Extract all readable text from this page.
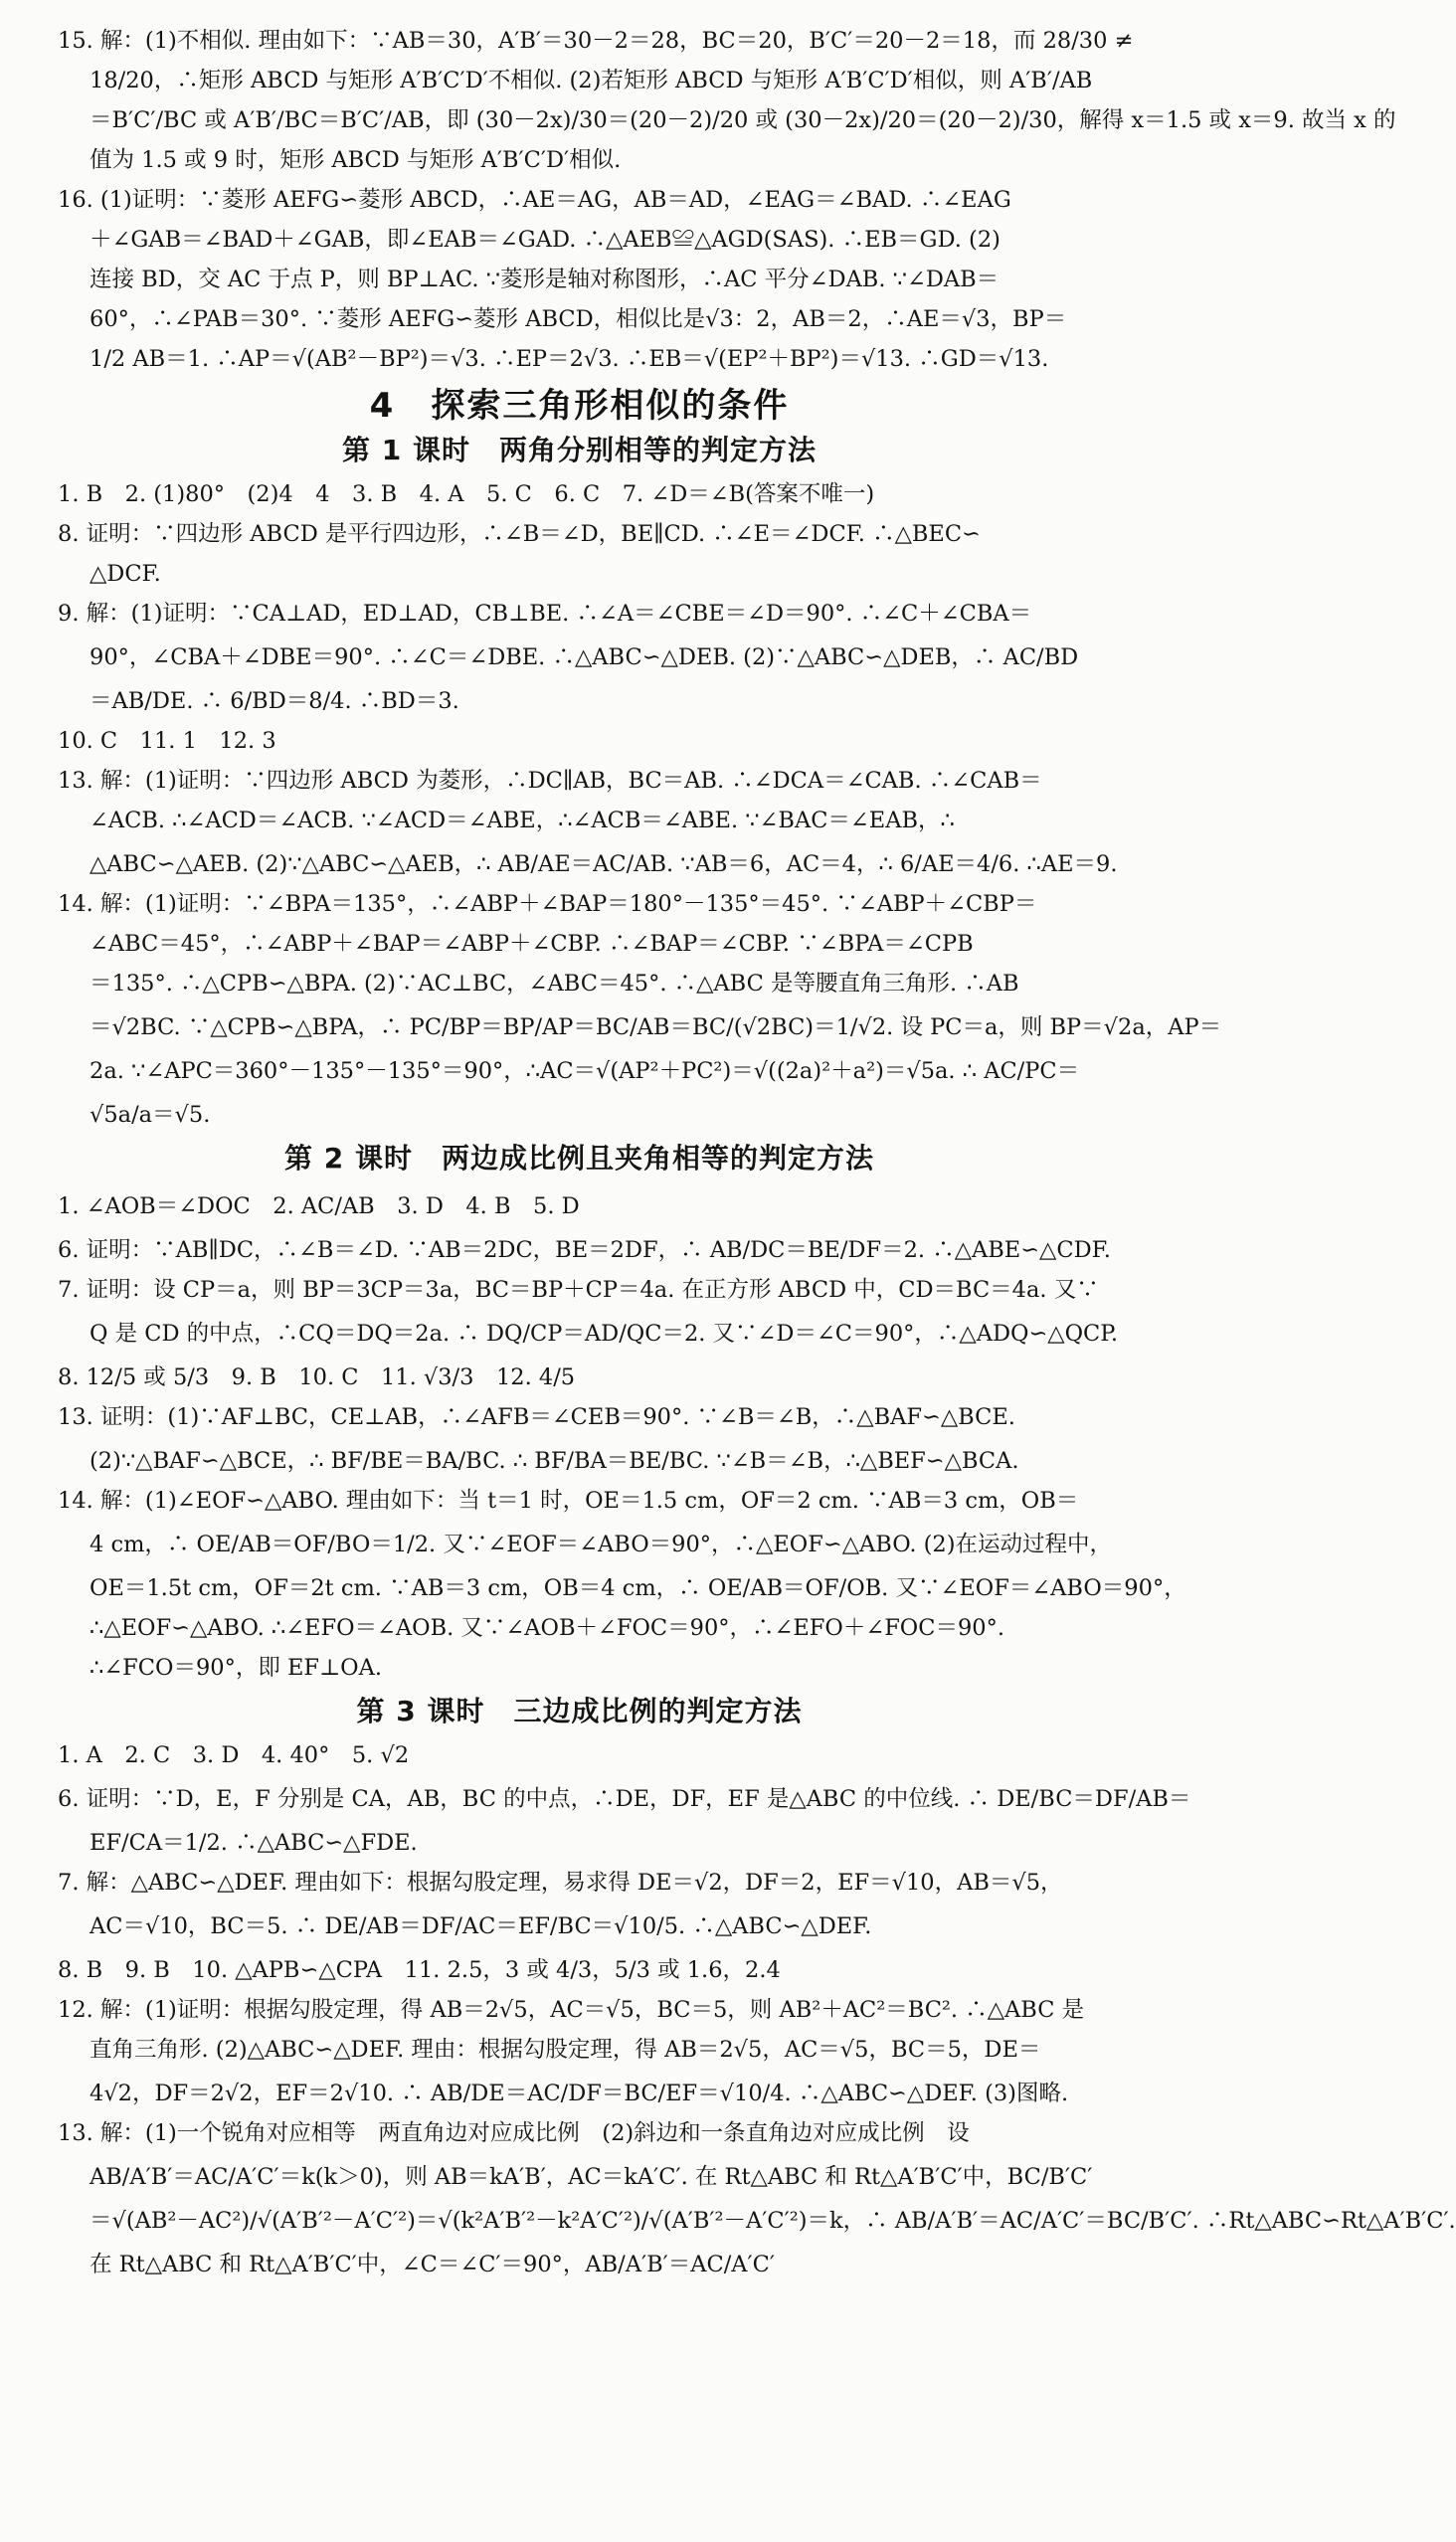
15. 解：(1)不相似. 理由如下：∵AB＝30，A′B′＝30－2＝28，BC＝20，B′C′＝20－2＝18，而 28/30 ≠

18/20，∴矩形 ABCD 与矩形 A′B′C′D′不相似. (2)若矩形 ABCD 与矩形 A′B′C′D′相似，则 A′B′/AB

＝B′C′/BC 或 A′B′/BC＝B′C′/AB，即 (30－2x)/30＝(20－2)/20 或 (30－2x)/20＝(20－2)/30，解得 x＝1.5 或 x＝9. 故当 x 的

值为 1.5 或 9 时，矩形 ABCD 与矩形 A′B′C′D′相似.

16. (1)证明：∵菱形 AEFG∽菱形 ABCD，∴AE＝AG，AB＝AD，∠EAG＝∠BAD. ∴∠EAG

＋∠GAB＝∠BAD＋∠GAB，即∠EAB＝∠GAD. ∴△AEB≌△AGD(SAS). ∴EB＝GD. (2)

连接 BD，交 AC 于点 P，则 BP⊥AC. ∵菱形是轴对称图形，∴AC 平分∠DAB. ∵∠DAB＝

60°，∴∠PAB＝30°. ∵菱形 AEFG∽菱形 ABCD，相似比是√3：2，AB＝2，∴AE＝√3，BP＝

1/2 AB＝1. ∴AP＝√(AB²－BP²)＝√3. ∴EP＝2√3. ∴EB＝√(EP²＋BP²)＝√13. ∴GD＝√13.

4　探索三角形相似的条件
第 1 课时　两角分别相等的判定方法

1. B　2. (1)80°　(2)4　4　3. B　4. A　5. C　6. C　7. ∠D＝∠B(答案不唯一)

8. 证明：∵四边形 ABCD 是平行四边形，∴∠B＝∠D，BE∥CD. ∴∠E＝∠DCF. ∴△BEC∽

△DCF.

9. 解：(1)证明：∵CA⊥AD，ED⊥AD，CB⊥BE. ∴∠A＝∠CBE＝∠D＝90°. ∴∠C＋∠CBA＝

90°，∠CBA＋∠DBE＝90°. ∴∠C＝∠DBE. ∴△ABC∽△DEB. (2)∵△ABC∽△DEB，∴ AC/BD

＝AB/DE. ∴ 6/BD＝8/4. ∴BD＝3.

10. C　11. 1　12. 3

13. 解：(1)证明：∵四边形 ABCD 为菱形，∴DC∥AB，BC＝AB. ∴∠DCA＝∠CAB. ∴∠CAB＝

∠ACB. ∴∠ACD＝∠ACB. ∵∠ACD＝∠ABE，∴∠ACB＝∠ABE. ∵∠BAC＝∠EAB，∴

△ABC∽△AEB. (2)∵△ABC∽△AEB，∴ AB/AE＝AC/AB. ∵AB＝6，AC＝4，∴ 6/AE＝4/6. ∴AE＝9.

14. 解：(1)证明：∵∠BPA＝135°，∴∠ABP＋∠BAP＝180°－135°＝45°. ∵∠ABP＋∠CBP＝

∠ABC＝45°，∴∠ABP＋∠BAP＝∠ABP＋∠CBP. ∴∠BAP＝∠CBP. ∵∠BPA＝∠CPB

＝135°. ∴△CPB∽△BPA. (2)∵AC⊥BC，∠ABC＝45°. ∴△ABC 是等腰直角三角形. ∴AB

＝√2BC. ∵△CPB∽△BPA，∴ PC/BP＝BP/AP＝BC/AB＝BC/(√2BC)＝1/√2. 设 PC＝a，则 BP＝√2a，AP＝

2a. ∵∠APC＝360°－135°－135°＝90°，∴AC＝√(AP²＋PC²)＝√((2a)²＋a²)＝√5a. ∴ AC/PC＝

√5a/a＝√5.

第 2 课时　两边成比例且夹角相等的判定方法

1. ∠AOB＝∠DOC　2. AC/AB　3. D　4. B　5. D

6. 证明：∵AB∥DC，∴∠B＝∠D. ∵AB＝2DC，BE＝2DF，∴ AB/DC＝BE/DF＝2. ∴△ABE∽△CDF.

7. 证明：设 CP＝a，则 BP＝3CP＝3a，BC＝BP＋CP＝4a. 在正方形 ABCD 中，CD＝BC＝4a. 又∵

Q 是 CD 的中点，∴CQ＝DQ＝2a. ∴ DQ/CP＝AD/QC＝2. 又∵∠D＝∠C＝90°，∴△ADQ∽△QCP.

8. 12/5 或 5/3　9. B　10. C　11. √3/3　12. 4/5

13. 证明：(1)∵AF⊥BC，CE⊥AB，∴∠AFB＝∠CEB＝90°. ∵∠B＝∠B，∴△BAF∽△BCE.

(2)∵△BAF∽△BCE，∴ BF/BE＝BA/BC. ∴ BF/BA＝BE/BC. ∵∠B＝∠B，∴△BEF∽△BCA.

14. 解：(1)∠EOF∽△ABO. 理由如下：当 t＝1 时，OE＝1.5 cm，OF＝2 cm. ∵AB＝3 cm，OB＝

4 cm，∴ OE/AB＝OF/BO＝1/2. 又∵∠EOF＝∠ABO＝90°，∴△EOF∽△ABO. (2)在运动过程中，

OE＝1.5t cm，OF＝2t cm. ∵AB＝3 cm，OB＝4 cm，∴ OE/AB＝OF/OB. 又∵∠EOF＝∠ABO＝90°，

∴△EOF∽△ABO. ∴∠EFO＝∠AOB. 又∵∠AOB＋∠FOC＝90°，∴∠EFO＋∠FOC＝90°.

∴∠FCO＝90°，即 EF⊥OA.

第 3 课时　三边成比例的判定方法

1. A　2. C　3. D　4. 40°　5. √2

6. 证明：∵D，E，F 分别是 CA，AB，BC 的中点，∴DE，DF，EF 是△ABC 的中位线. ∴ DE/BC＝DF/AB＝

EF/CA＝1/2. ∴△ABC∽△FDE.

7. 解：△ABC∽△DEF. 理由如下：根据勾股定理，易求得 DE＝√2，DF＝2，EF＝√10，AB＝√5，

AC＝√10，BC＝5. ∴ DE/AB＝DF/AC＝EF/BC＝√10/5. ∴△ABC∽△DEF.

8. B　9. B　10. △APB∽△CPA　11. 2.5，3 或 4/3，5/3 或 1.6，2.4

12. 解：(1)证明：根据勾股定理，得 AB＝2√5，AC＝√5，BC＝5，则 AB²＋AC²＝BC². ∴△ABC 是

直角三角形. (2)△ABC∽△DEF. 理由：根据勾股定理，得 AB＝2√5，AC＝√5，BC＝5，DE＝

4√2，DF＝2√2，EF＝2√10. ∴ AB/DE＝AC/DF＝BC/EF＝√10/4. ∴△ABC∽△DEF. (3)图略.

13. 解：(1)一个锐角对应相等　两直角边对应成比例　(2)斜边和一条直角边对应成比例　设

AB/A′B′＝AC/A′C′＝k(k＞0)，则 AB＝kA′B′，AC＝kA′C′. 在 Rt△ABC 和 Rt△A′B′C′中，BC/B′C′

＝√(AB²－AC²)/√(A′B′²－A′C′²)＝√(k²A′B′²－k²A′C′²)/√(A′B′²－A′C′²)＝k，∴ AB/A′B′＝AC/A′C′＝BC/B′C′. ∴Rt△ABC∽Rt△A′B′C′.

在 Rt△ABC 和 Rt△A′B′C′中，∠C＝∠C′＝90°，AB/A′B′＝AC/A′C′
